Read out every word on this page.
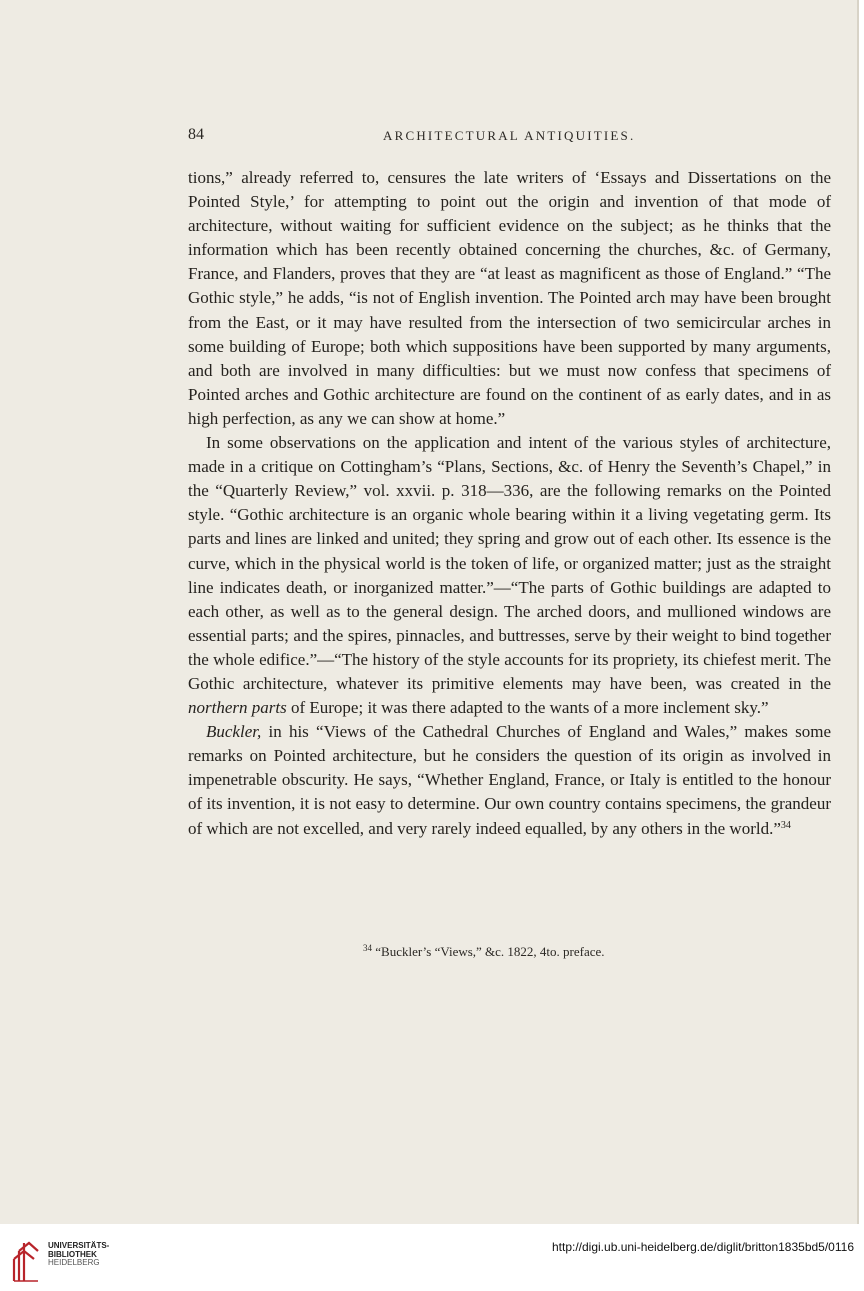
84	ARCHITECTURAL ANTIQUITIES.

tions,” already referred to, censures the late writers of ‘Essays and Dissertations on the Pointed Style,’ for attempting to point out the origin and invention of that mode of architecture, without waiting for sufficient evidence on the subject; as he thinks that the information which has been recently obtained concerning the churches, &c. of Germany, France, and Flanders, proves that they are “at least as magnificent as those of England.” “The Gothic style,” he adds, “is not of English invention. The Pointed arch may have been brought from the East, or it may have resulted from the intersection of two semicircular arches in some building of Europe; both which suppositions have been supported by many arguments, and both are involved in many difficulties: but we must now confess that specimens of Pointed arches and Gothic architecture are found on the continent of as early dates, and in as high perfection, as any we can show at home.”

In some observations on the application and intent of the various styles of architecture, made in a critique on Cottingham’s “Plans, Sections, &c. of Henry the Seventh’s Chapel,” in the “Quarterly Review,” vol. xxvii. p. 318—336, are the following remarks on the Pointed style. “Gothic architecture is an organic whole bearing within it a living vegetating germ. Its parts and lines are linked and united; they spring and grow out of each other. Its essence is the curve, which in the physical world is the token of life, or organized matter; just as the straight line indicates death, or inorganized matter.”—“The parts of Gothic buildings are adapted to each other, as well as to the general design. The arched doors, and mullioned windows are essential parts; and the spires, pinnacles, and buttresses, serve by their weight to bind together the whole edifice.”—“The history of the style accounts for its propriety, its chiefest merit. The Gothic architecture, whatever its primitive elements may have been, was created in the northern parts of Europe; it was there adapted to the wants of a more inclement sky.”

Buckler, in his “Views of the Cathedral Churches of England and Wales,” makes some remarks on Pointed architecture, but he considers the question of its origin as involved in impenetrable obscurity. He says, “Whether England, France, or Italy is entitled to the honour of its invention, it is not easy to determine. Our own country contains specimens, the grandeur of which are not excelled, and very rarely indeed equalled, by any others in the world.”$^{34}$

$^{34}$ “Buckler’s “Views,” &c. 1822, 4to. preface.
UNIVERSITÄTS-
BIBLIOTHEK
HEIDELBERG
http://digi.ub.uni-heidelberg.de/diglit/britton1835bd5/0116
